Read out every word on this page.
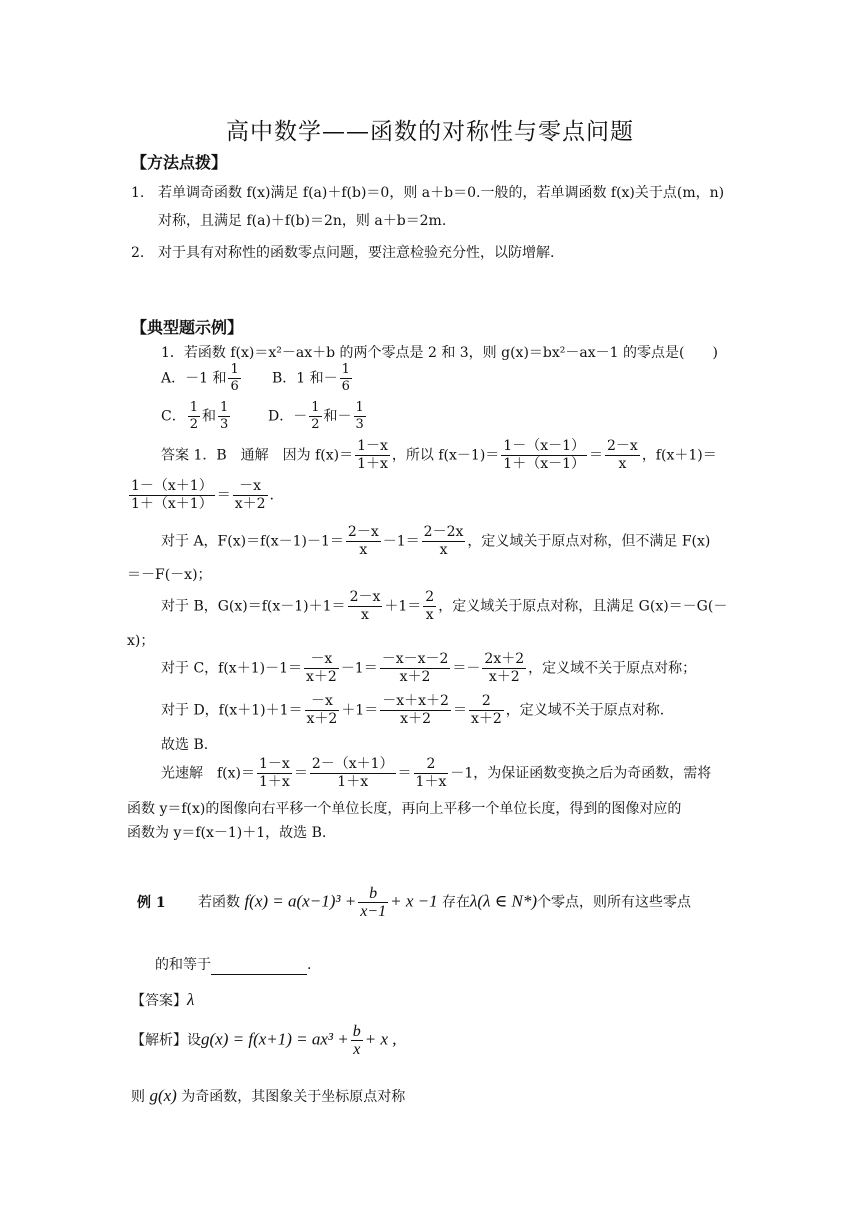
高中数学——函数的对称性与零点问题
【方法点拨】
1. 若单调奇函数 f(x)满足 f(a)＋f(b)＝0，则 a＋b＝0.一般的，若单调函数 f(x)关于点(m，n)
对称，且满足 f(a)＋f(b)＝2n，则 a＋b＝2m.
2. 对于具有对称性的函数零点问题，要注意检验充分性，以防增解.
【典型题示例】
1．若函数 f(x)＝x²－ax＋b 的两个零点是 2 和 3，则 g(x)＝bx²－ax－1 的零点是(　　)
A．－1 和 $\frac{1}{6}$ B．1 和－ $\frac{1}{6}$
C． $\frac{1}{2}$ 和 $\frac{1}{3}$	D．－ $\frac{1}{2}$ 和－ $\frac{1}{3}$
答案 1．B　通解　因为 $f(x)= \frac{1-x}{1+x}$ ，所以 $f(x-1)= \frac{1-(x-1)}{1+(x-1)} = \frac{2-x}{x}$ ，f(x＋1)＝
$\frac{1-(x+1)}{1+(x+1)} = \frac{-x}{x+2}$ .
对于 A，$F(x)=f(x-1)-1= \frac{2-x}{x} -1= \frac{2-2x}{x}$ ，定义域关于原点对称，但不满足 F(x)
＝－F(－x)；
对于 B，$G(x)=f(x-1)+1= \frac{2-x}{x} +1= \frac{2}{x}$ ，定义域关于原点对称，且满足 G(x)＝－G(－
x)；
对于 C，$f(x+1)-1= \frac{-x}{x+2} -1= \frac{-x-x-2}{x+2} =- \frac{2x+2}{x+2}$ ，定义域不关于原点对称；
对于 D，$f(x+1)+1= \frac{-x}{x+2} +1= \frac{-x+x+2}{x+2} = \frac{2}{x+2}$ ，定义域不关于原点对称.
故选 B.
光速解　$f(x)= \frac{1-x}{1+x} = \frac{2-(x+1)}{1+x} = \frac{2}{1+x} -1$，为保证函数变换之后为奇函数，需将
函数 y＝f(x)的图像向右平移一个单位长度，再向上平移一个单位长度，得到的图像对应的
函数为 y＝f(x－1)＋1，故选 B.
例 1 若函数 $f(x) = a(x-1)^3 + \frac{b}{x-1} + x -1$ 存在λ(λ ∈ N*)个零点，则所有这些零点
的和等于	.
【答案】λ
【解析】设$g(x) = f(x+1) = ax^3 + \frac{b}{x} + x$ ,
则 g(x) 为奇函数，其图象关于坐标原点对称
